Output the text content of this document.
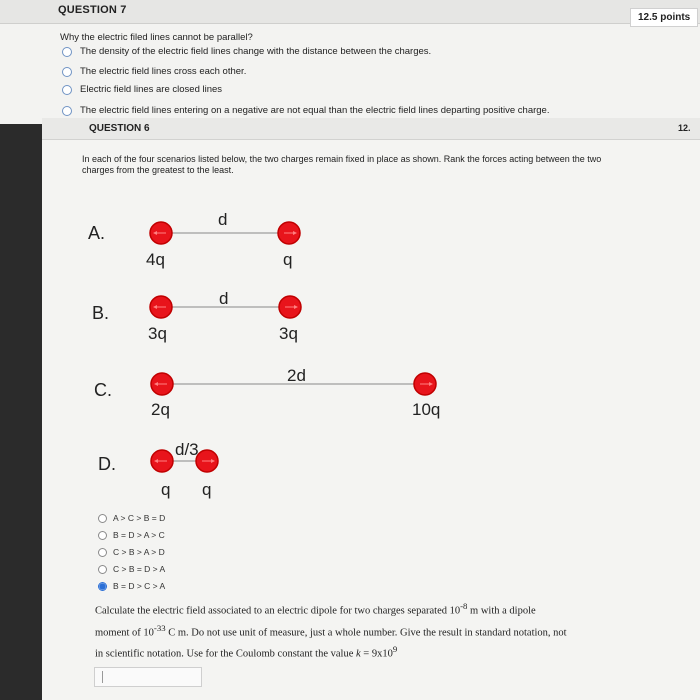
QUESTION 7
12.5 points
Why the electric filed lines cannot be parallel?
The density of the electric field lines change with the distance between the charges.
The electric field lines cross each other.
Electric field lines are closed lines
The electric field lines entering on a negative are not equal than the electric field lines departing positive charge.
QUESTION 6	12.
In each of the four scenarios listed below, the two charges remain fixed in place as shown. Rank the forces acting between the two charges from the greatest to the least.
A.
d
4q	q
B.
d
3q	3q
C.
2d
2q	10q
D.
d/3
q q
A > C > B = D
B = D > A > C
C > B > A > D
C > B = D > A
B = D > C > A
Calculate the electric field associated to an electric dipole for two charges separated $10^{-8}$ m with a dipole
moment of $10^{-33}$ C m. Do not use unit of measure, just a whole number. Give the result in standard notation, not
in scientific notation. Use for the Coulomb constant the value $k = 9x10^9$
